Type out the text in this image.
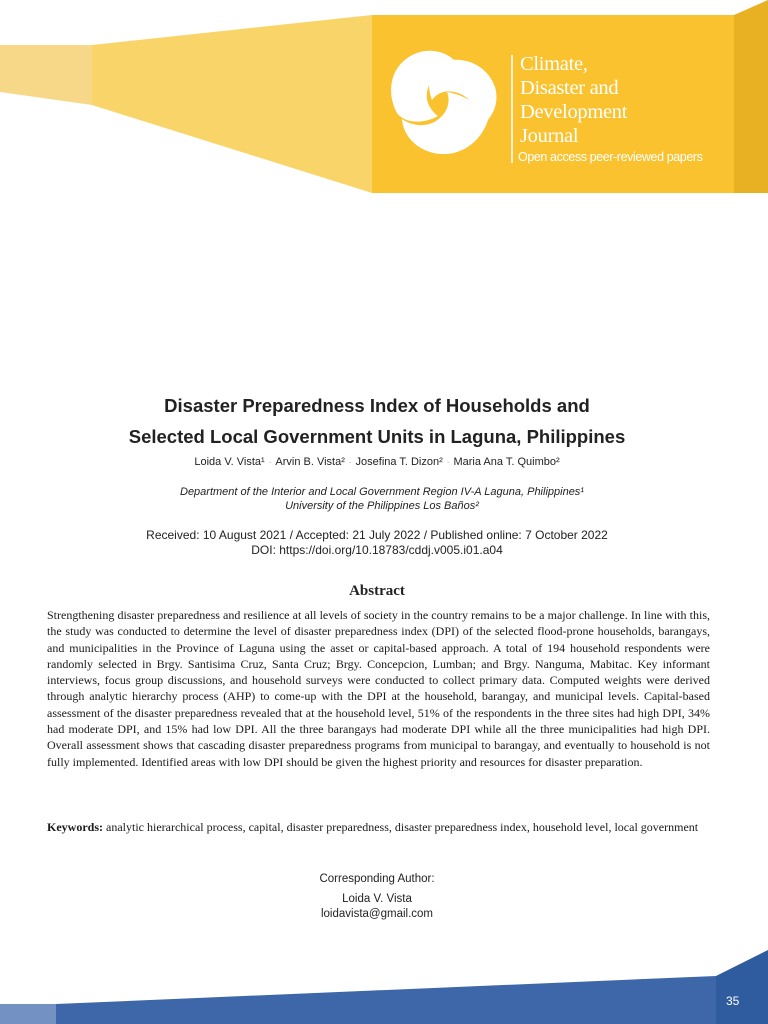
Climate,
Disaster and
Development
Journal
Open access peer-reviewed papers
Disaster Preparedness Index of Households and
Selected Local Government Units in Laguna, Philippines
Loida V. Vista¹ · Arvin B. Vista² · Josefina T. Dizon² · Maria Ana T. Quimbo²
Department of the Interior and Local Government Region IV-A Laguna, Philippines¹
University of the Philippines Los Baños²
Received: 10 August 2021 / Accepted: 21 July 2022 / Published online: 7 October 2022
DOI: https://doi.org/10.18783/cddj.v005.i01.a04
Abstract
Strengthening disaster preparedness and resilience at all levels of society in the country remains to be a major challenge. In line with this, the study was conducted to determine the level of disaster preparedness index (DPI) of the selected flood-prone households, barangays, and municipalities in the Province of Laguna using the asset or capital-based approach. A total of 194 household respondents were randomly selected in Brgy. Santisima Cruz, Santa Cruz; Brgy. Concepcion, Lumban; and Brgy. Nanguma, Mabitac. Key informant interviews, focus group discussions, and household surveys were conducted to collect primary data. Computed weights were derived through analytic hierarchy process (AHP) to come-up with the DPI at the household, barangay, and municipal levels. Capital-based assessment of the disaster preparedness revealed that at the household level, 51% of the respondents in the three sites had high DPI, 34% had moderate DPI, and 15% had low DPI. All the three barangays had moderate DPI while all the three municipalities had high DPI. Overall assessment shows that cascading disaster preparedness programs from municipal to barangay, and eventually to household is not fully implemented. Identified areas with low DPI should be given the highest priority and resources for disaster preparation.
Keywords: analytic hierarchical process, capital, disaster preparedness, disaster preparedness index, household level, local government
Corresponding Author:
Loida V. Vista
loidavista@gmail.com
35
